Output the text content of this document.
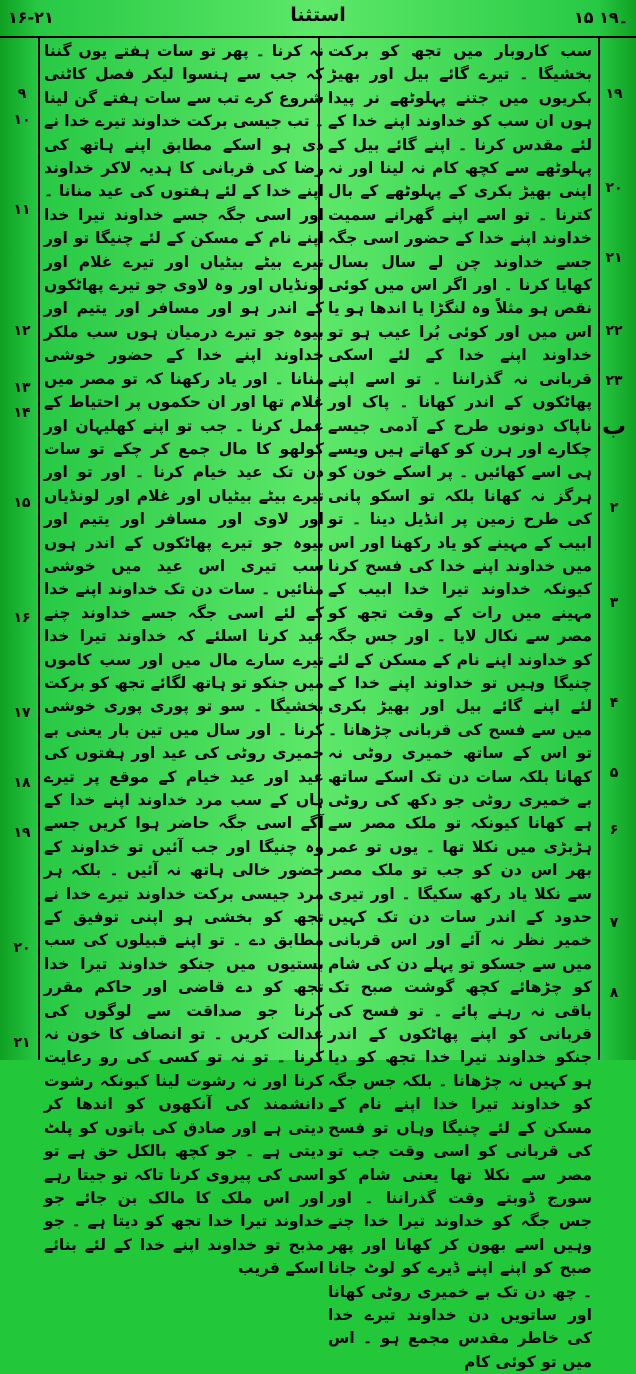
۱۶-۲۱	استثنا	۱۵ ۔۱۹
۱۹
۲۰
۲۱
۲۲
۲۳
ب
۲
۳
۴
۵
۶
۷
۸
۹
۱۰
۱۱
۱۲
۱۳
۱۴
۱۵
۱۶
۱۷
۱۸
۱۹
۲۰
۲۱

سب کاروبار میں تجھ کو برکت بخشیگا ۔ تیرے گائے بیل اور بھیڑ بکریوں میں جتنے پہلوٹھے نر پیدا ہوں ان سب کو خداوند اپنے خدا کے لئے مقدس کرنا ۔ اپنے گائے بیل کے پہلوٹھے سے کچھ کام نہ لینا اور نہ اپنی بھیڑ بکری کے پہلوٹھے کے بال کترنا ۔ تو اسے اپنے گھرانے سمیت خداوند اپنے خدا کے حضور اسی جگہ جسے خداوند چن لے سال بسال کھایا کرنا ۔ اور اگر اس میں کوئی نقص ہو مثلاً وہ لنگڑا یا اندھا ہو یا اس میں اور کوئی بُرا عیب ہو تو خداوند اپنے خدا کے لئے اسکی قربانی نہ گذراننا ۔ تو اسے اپنے پھاٹکوں کے اندر کھانا ۔ پاک اور ناپاک دونوں طرح کے آدمی جیسے چکارے اور ہرن کو کھاتے ہیں ویسے ہی اسے کھائیں ۔ پر اسکے خون کو ہرگز نہ کھانا بلکہ تو اسکو پانی کی طرح زمین پر انڈیل دینا ۔ تو ابیب کے مہینے کو یاد رکھنا اور اس میں خداوند اپنے خدا کی فسح کرنا کیونکہ خداوند تیرا خدا ابیب کے مہینے میں رات کے وقت تجھ کو مصر سے نکال لایا ۔ اور جس جگہ کو خداوند اپنے نام کے مسکن کے لئے چنیگا وہیں تو خداوند اپنے خدا کے لئے اپنے گائے بیل اور بھیڑ بکری میں سے فسح کی قربانی چڑھانا ۔ تو اس کے ساتھ خمیری روٹی نہ کھانا بلکہ سات دن تک اسکے ساتھ بے خمیری روٹی جو دکھ کی روٹی ہے کھانا کیونکہ تو ملک مصر سے ہڑبڑی میں نکلا تھا ۔ یوں تو عمر بھر اس دن کو جب تو ملک مصر سے نکلا یاد رکھ سکیگا ۔ اور تیری حدود کے اندر سات دن تک کہیں خمیر نظر نہ آئے اور اس قربانی میں سے جسکو تو پہلے دن کی شام کو چڑھائے کچھ گوشت صبح تک باقی نہ رہنے پائے ۔ تو فسح کی قربانی کو اپنے پھاٹکوں کے اندر جنکو خداوند تیرا خدا تجھ کو دیا ہو کہیں نہ چڑھانا ۔ بلکہ جس جگہ کو خداوند تیرا خدا اپنے نام کے مسکن کے لئے چنیگا وہاں تو فسح کی قربانی کو اسی وقت جب تو مصر سے نکلا تھا یعنی شام کو سورج ڈوبتے وقت گذراننا ۔ اور جس جگہ کو خداوند تیرا خدا چنے وہیں اسے بھون کر کھانا اور پھر صبح کو اپنے اپنے ڈیرے کو لوٹ جانا ۔ چھ دن تک بے خمیری روٹی کھانا اور ساتویں دن خداوند تیرے خدا کی خاطر مقدس مجمع ہو ۔ اس میں تو کوئی کام

نہ کرنا ۔ پھر تو سات ہفتے یوں گننا کہ جب سے ہنسوا لیکر فصل کاٹنی شروع کرے تب سے سات ہفتے گن لینا ۔ تب جیسی برکت خداوند تیرے خدا نے دی ہو اسکے مطابق اپنے ہاتھ کی رضا کی قربانی کا ہدیہ لاکر خداوند اپنے خدا کے لئے ہفتوں کی عید منانا ۔ اور اسی جگہ جسے خداوند تیرا خدا اپنے نام کے مسکن کے لئے چنیگا تو اور تیرے بیٹے بیٹیاں اور تیرے غلام اور لونڈیاں اور وہ لاوی جو تیرے پھاٹکوں کے اندر ہو اور مسافر اور یتیم اور بیوہ جو تیرے درمیان ہوں سب ملکر خداوند اپنے خدا کے حضور خوشی منانا ۔ اور یاد رکھنا کہ تو مصر میں غلام تھا اور ان حکموں پر احتیاط کے عمل کرنا ۔ جب تو اپنے کھلیہان اور کولھو کا مال جمع کر چکے تو سات دن تک عید خیام کرنا ۔ اور تو اور تیرے بیٹے بیٹیاں اور غلام اور لونڈیاں اور لاوی اور مسافر اور یتیم اور بیوہ جو تیرے پھاٹکوں کے اندر ہوں سب تیری اس عید میں خوشی منائیں ۔ سات دن تک خداوند اپنے خدا کے لئے اسی جگہ جسے خداوند چنے عید کرنا اسلئے کہ خداوند تیرا خدا تیرے سارے مال میں اور سب کاموں میں جنکو تو ہاتھ لگائے تجھ کو برکت بخشیگا ۔ سو تو پوری پوری خوشی کرنا ۔ اور سال میں تین بار یعنی بے خمیری روٹی کی عید اور ہفتوں کی عید اور عید خیام کے موقع پر تیرے ہاں کے سب مرد خداوند اپنے خدا کے آگے اسی جگہ حاضر ہوا کریں جسے وہ چنیگا اور جب آئیں تو خداوند کے حضور خالی ہاتھ نہ آئیں ۔ بلکہ ہر مرد جیسی برکت خداوند تیرے خدا نے تجھ کو بخشی ہو اپنی توفیق کے مطابق دے ۔ تو اپنے قبیلوں کی سب بستیوں میں جنکو خداوند تیرا خدا تجھ کو دے قاضی اور حاکم مقرر کرنا جو صداقت سے لوگوں کی عدالت کریں ۔ تو انصاف کا خون نہ کرنا ۔ تو نہ تو کسی کی رو رعایت کرنا اور نہ رشوت لینا کیونکہ رشوت دانشمند کی آنکھوں کو اندھا کر دیتی ہے اور صادق کی باتوں کو پلٹ دیتی ہے ۔ جو کچھ بالکل حق ہے تو اسی کی پیروی کرنا تاکہ تو جیتا رہے اور اس ملک کا مالک بن جائے جو خداوند تیرا خدا تجھ کو دیتا ہے ۔ جو مذبح تو خداوند اپنے خدا کے لئے بنائے اسکے قریب
